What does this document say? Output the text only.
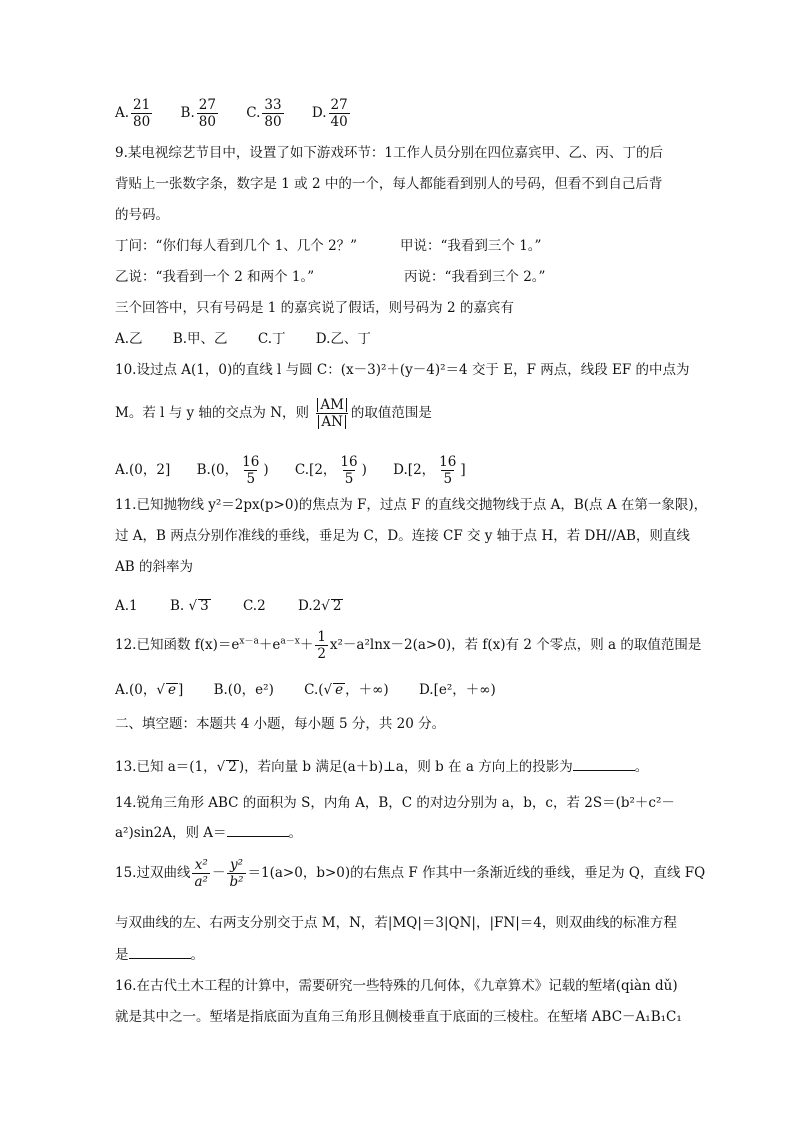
A. $\frac{21}{80} B$. $\frac{27}{80} C$. $\frac{33}{80} D$. $\frac{27}{40}$
9.某电视综艺节目中，设置了如下游戏环节：1工作人员分别在四位嘉宾甲、乙、丙、丁的后
背贴上一张数字条，数字是 1 或 2 中的一个，每人都能看到别人的号码，但看不到自己后背
的号码。
丁问：“你们每人看到几个 1、几个 2？”	甲说：“我看到三个 1。”
乙说：“我看到一个 2 和两个 1。”	丙说：“我看到三个 2。”
三个回答中，只有号码是 1 的嘉宾说了假话，则号码为 2 的嘉宾有
A.乙 B.甲、乙 C.丁 D.乙、丁
10.设过点 A(1，0)的直线 l 与圆 C：(x－3)²＋(y－4)²＝4 交于 E，F 两点，线段 EF 的中点为
M。若 l 与 y 轴的交点为 N，则 $\frac{AM}{AN}$ 的取值范围是
A.(0，2] B.(0， $\frac{16}{5}$ ) C.[2， $\frac{16}{5}$ ) D.[2， $\frac{16}{5}$ ]
11.已知抛物线 y²＝2px(p>0)的焦点为 F，过点 F 的直线交抛物线于点 A，B(点 A 在第一象限)，
过 A，B 两点分别作准线的垂线，垂足为 C，D。连接 CF 交 y 轴于点 H，若 DH//AB，则直线
AB 的斜率为
A.1 B. √ 3	C.2 D.2√ 2
12.已知函数 $f(x)=e^{x-a}+e^{a-x}+ \frac{1}{2} x^2-a^2\ln x-2(a>0)$，若 f(x)有 2 个零点，则 a 的取值范围是
A.(0，√ e ] B.(0，e²) C.(√ e ，＋∞) D.[e²，＋∞)
二、填空题：本题共 4 小题，每小题 5 分，共 20 分。
13.已知 a＝(1，√ 2 )，若向量 b 满足(a＋b)⊥a，则 b 在 a 方向上的投影为	。
14.锐角三角形 ABC 的面积为 S，内角 A，B，C 的对边分别为 a，b，c，若 2S＝(b²＋c²－
a²)sin2A，则 A＝	。
15.过双曲线 $\frac{\text{x²}}{\text{a²}} - \frac{\text{y²}}{\text{b²}} =1(a>0$，b>0)的右焦点 F 作其中一条渐近线的垂线，垂足为 Q，直线 FQ
与双曲线的左、右两支分别交于点 M，N，若|MQ|＝3|QN|，|FN|＝4，则双曲线的标准方程
是	。
16.在古代土木工程的计算中，需要研究一些特殊的几何体，《九章算术》记载的堑堵(qiàn dǔ)
就是其中之一。堑堵是指底面为直角三角形且侧棱垂直于底面的三棱柱。在堑堵 ABC－A₁B₁C₁
